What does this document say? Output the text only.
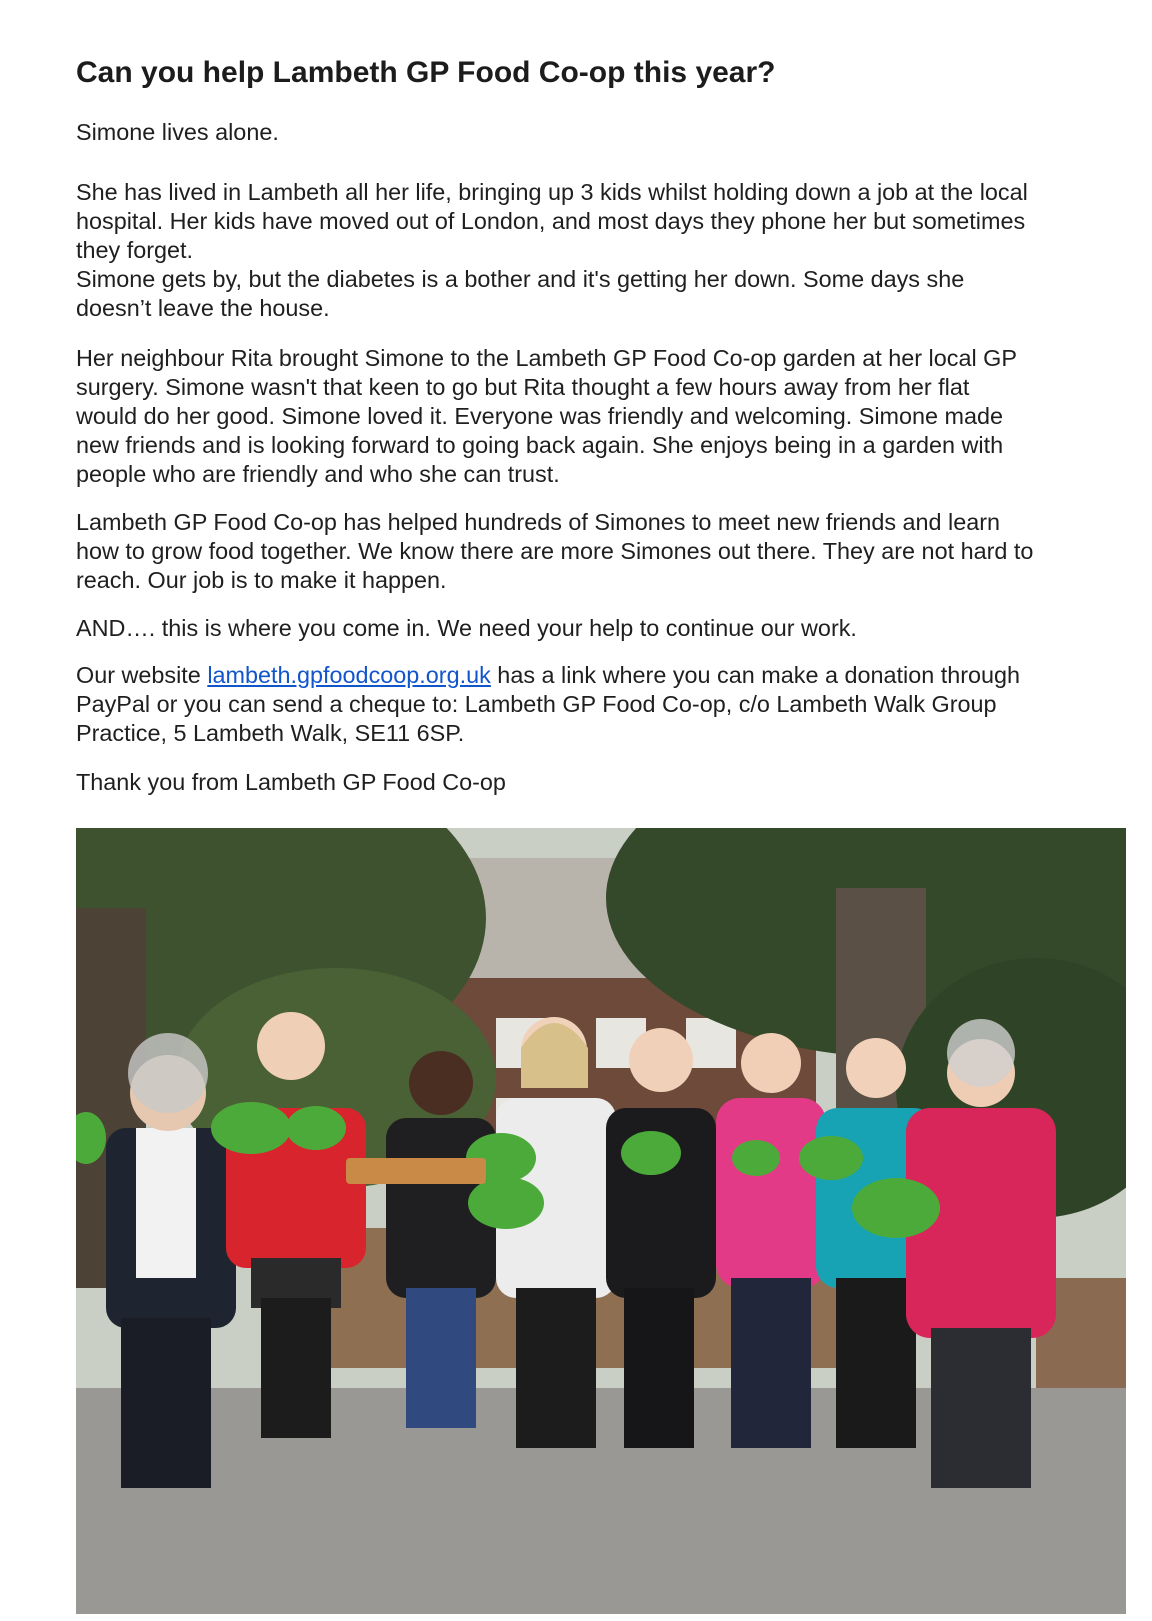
Can you help Lambeth GP Food Co-op this year?

Simone lives alone.

She has lived in Lambeth all her life, bringing up 3 kids whilst holding down a job at the local
hospital. Her kids have moved out of London, and most days they phone her but sometimes
they forget.
Simone gets by, but the diabetes is a bother and it's getting her down. Some days she
doesn’t leave the house.

Her neighbour Rita brought Simone to the Lambeth GP Food Co-op garden at her local GP
surgery. Simone wasn't that keen to go but Rita thought a few hours away from her flat
would do her good. Simone loved it. Everyone was friendly and welcoming. Simone made
new friends and is looking forward to going back again. She enjoys being in a garden with
people who are friendly and who she can trust.

Lambeth GP Food Co-op has helped hundreds of Simones to meet new friends and learn
how to grow food together. We know there are more Simones out there. They are not hard to
reach. Our job is to make it happen.

AND…. this is where you come in. We need your help to continue our work.

Our website lambeth.gpfoodcoop.org.uk has a link where you can make a donation through
PayPal or you can send a cheque to: Lambeth GP Food Co-op, c/o Lambeth Walk Group
Practice, 5 Lambeth Walk, SE11 6SP.

Thank you from Lambeth GP Food Co-op
